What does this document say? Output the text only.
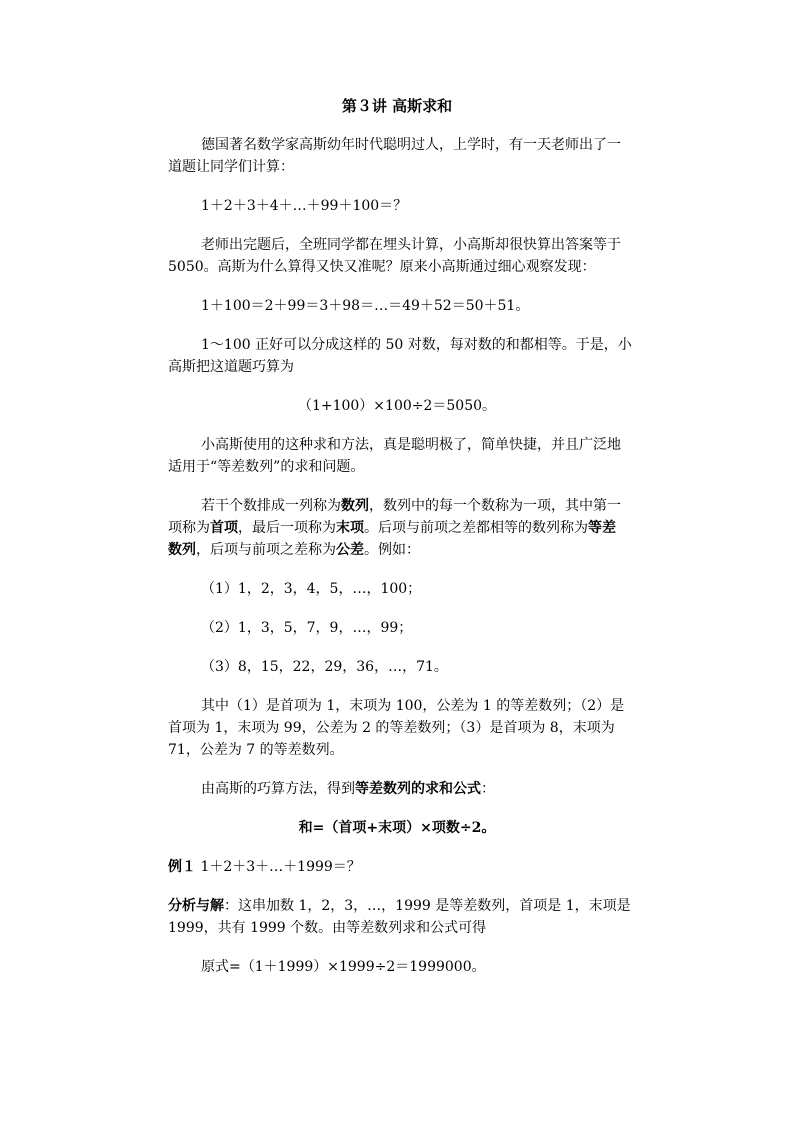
第３讲 高斯求和
德国著名数学家高斯幼年时代聪明过人，上学时，有一天老师出了一
道题让同学们计算：
1＋2＋3＋4＋…＋99＋100＝？
老师出完题后，全班同学都在埋头计算，小高斯却很快算出答案等于
5050。高斯为什么算得又快又准呢？原来小高斯通过细心观察发现：
1＋100＝2＋99＝3＋98＝…＝49＋52＝50＋51。
1～100 正好可以分成这样的 50 对数，每对数的和都相等。于是，小
高斯把这道题巧算为
（1+100）×100÷2＝5050。
小高斯使用的这种求和方法，真是聪明极了，简单快捷，并且广泛地
适用于“等差数列”的求和问题。
若干个数排成一列称为数列，数列中的每一个数称为一项，其中第一
项称为首项，最后一项称为末项。后项与前项之差都相等的数列称为等差
数列，后项与前项之差称为公差。例如：
（1）1，2，3，4，5，…，100；
（2）1，3，5，7，9，…，99；
（3）8，15，22，29，36，…，71。
其中（1）是首项为 1，末项为 100，公差为 1 的等差数列；（2）是
首项为 1，末项为 99，公差为 2 的等差数列；（3）是首项为 8，末项为
71，公差为 7 的等差数列。
由高斯的巧算方法，得到等差数列的求和公式：
和=（首项+末项）×项数÷2。
例１ 1＋2＋3＋…＋1999＝？
分析与解：这串加数 1，2，3，…，1999 是等差数列，首项是 1，末项是
1999，共有 1999 个数。由等差数列求和公式可得
原式=（1＋1999）×1999÷2＝1999000。
